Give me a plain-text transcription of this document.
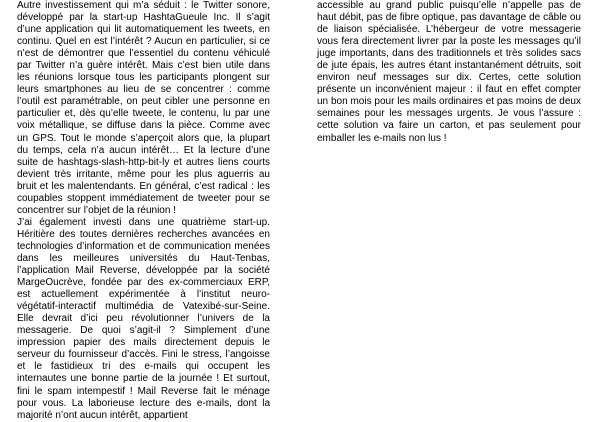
Autre investissement qui m’a séduit : le Twitter sonore, développé par la start-up HashtaGueule Inc. Il s’agit d’une application qui lit automatiquement les tweets, en continu. Quel en est l’intérêt ? Aucun en particulier, si ce n’est de démontrer que l’essentiel du contenu véhiculé par Twitter n’a guère intérêt. Mais c’est bien utile dans les réunions lorsque tous les participants plongent sur leurs smartphones au lieu de se concentrer : comme l’outil est paramétrable, on peut cibler une personne en particulier et, dès qu’elle tweete, le contenu, lu par une voix métallique, se diffuse dans la pièce. Comme avec un GPS. Tout le monde s’aperçoit alors que, la plupart du temps, cela n’a aucun intérêt… Et la lecture d’une suite de hashtags-slash-http-bit-ly et autres liens courts devient très irritante, même pour les plus aguerris au bruit et les malentendants. En général, c’est radical : les coupables stoppent immédiatement de tweeter pour se concentrer sur l’objet de la réunion !

J’ai également investi dans une quatrième start-up. Héritière des toutes dernières recherches avancées en technologies d’information et de communication menées dans les meilleures universités du Haut-Tenbas, l’application Mail Reverse, développée par la société MargeOucrève, fondée par des ex-commerciaux ERP, est actuellement expérimentée à l’institut neuro-végétatif-interactif multimédia de Vatexibé-sur-Seine. Elle devrait d’ici peu révolutionner l’univers de la messagerie. De quoi s’agit-il ? Simplement d’une impression papier des mails directement depuis le serveur du fournisseur d’accès. Fini le stress, l’angoisse et le fastidieux tri des e-mails qui occupent les internautes une bonne partie de la journée ! Et surtout, fini le spam intempestif ! Mail Reverse fait le ménage pour vous. La laborieuse lecture des e-mails, dont la majorité n’ont aucun intérêt, appartient

accessible au grand public puisqu’elle n’appelle pas de haut débit, pas de fibre optique, pas davantage de câble ou de liaison spécialisée. L’hébergeur de votre messagerie vous fera directement livrer par la poste les messages qu’il juge importants, dans des traditionnels et très solides sacs de jute épais, les autres étant instantanément détruits, soit environ neuf messages sur dix. Certes, cette solution présente un inconvénient majeur : il faut en effet compter un bon mois pour les mails ordinaires et pas moins de deux semaines pour les messages urgents. Je vous l’assure : cette solution va faire un carton, et pas seulement pour emballer les e-mails non lus !
